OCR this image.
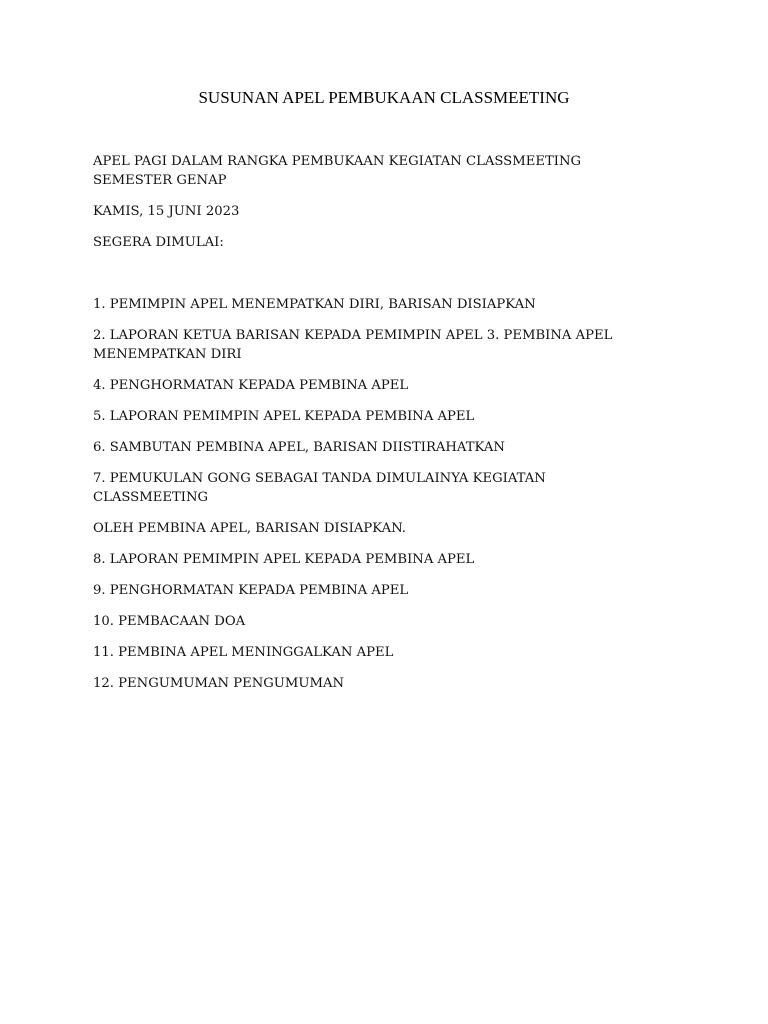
SUSUNAN APEL PEMBUKAAN CLASSMEETING

APEL PAGI DALAM RANGKA PEMBUKAAN KEGIATAN CLASSMEETING SEMESTER GENAP

KAMIS, 15 JUNI 2023

SEGERA DIMULAI:

1. PEMIMPIN APEL MENEMPATKAN DIRI, BARISAN DISIAPKAN

2. LAPORAN KETUA BARISAN KEPADA PEMIMPIN APEL 3. PEMBINA APEL MENEMPATKAN DIRI

4. PENGHORMATAN KEPADA PEMBINA APEL

5. LAPORAN PEMIMPIN APEL KEPADA PEMBINA APEL

6. SAMBUTAN PEMBINA APEL, BARISAN DIISTIRAHATKAN

7. PEMUKULAN GONG SEBAGAI TANDA DIMULAINYA KEGIATAN CLASSMEETING

OLEH PEMBINA APEL, BARISAN DISIAPKAN.

8. LAPORAN PEMIMPIN APEL KEPADA PEMBINA APEL

9. PENGHORMATAN KEPADA PEMBINA APEL

10. PEMBACAAN DOA

11. PEMBINA APEL MENINGGALKAN APEL

12. PENGUMUMAN PENGUMUMAN
